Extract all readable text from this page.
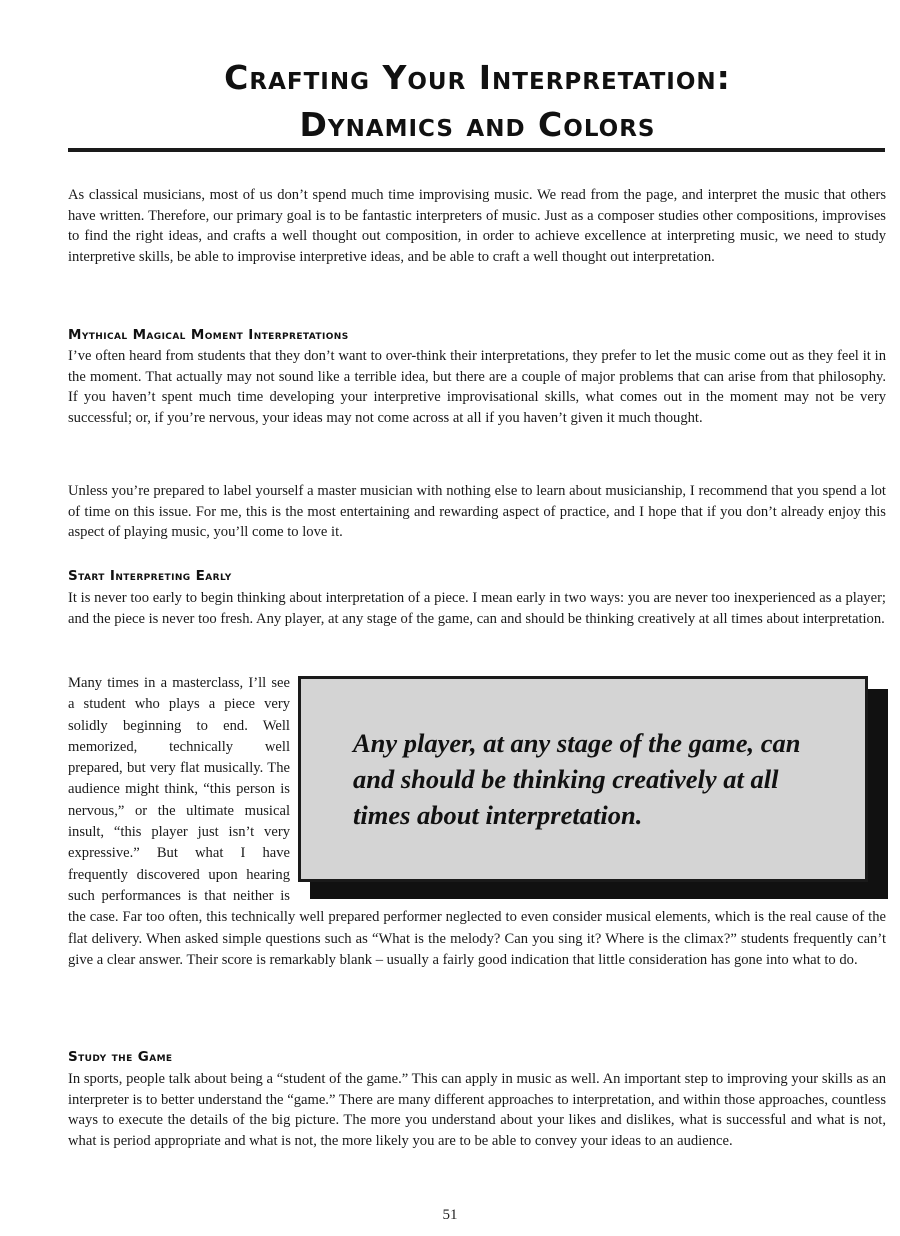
Crafting Your Interpretation:
Dynamics and Colors

As classical musicians, most of us don’t spend much time improvising music. We read from the page, and interpret the music that others have written. Therefore, our primary goal is to be fantastic interpreters of music. Just as a composer studies other compositions, improvises to find the right ideas, and crafts a well thought out composition, in order to achieve excellence at interpreting music, we need to study interpretive skills, be able to improvise interpretive ideas, and be able to craft a well thought out interpretation.

Mythical Magical Moment Interpretations

I’ve often heard from students that they don’t want to over-think their interpretations, they prefer to let the music come out as they feel it in the moment. That actually may not sound like a terrible idea, but there are a couple of major problems that can arise from that philosophy. If you haven’t spent much time developing your interpretive improvisational skills, what comes out in the moment may not be very successful; or, if you’re nervous, your ideas may not come across at all if you haven’t given it much thought.

Unless you’re prepared to label yourself a master musician with nothing else to learn about musicianship, I recommend that you spend a lot of time on this issue. For me, this is the most entertaining and rewarding aspect of practice, and I hope that if you don’t already enjoy this aspect of playing music, you’ll come to love it.

Start Interpreting Early

It is never too early to begin thinking about interpretation of a piece. I mean early in two ways: you are never too inexperienced as a player; and the piece is never too fresh. Any player, at any stage of the game, can and should be thinking creatively at all times about interpretation.

Many times in a masterclass, I’ll see a student who plays a piece very solidly beginning to end. Well memorized, technically well prepared, but very flat musically. The audience might think, “this person is nervous,” or the ultimate musical insult, “this player just isn’t very expressive.” But what I have frequently discovered upon hearing such performances is that neither is the case. Far too often, this technically well prepared performer neglected to even consider musical elements, which is the real cause of the flat delivery. When asked simple questions such as “What is the melody? Can you sing it? Where is the climax?” students frequently can’t give a clear answer. Their score is remarkably blank – usually a fairly good indication that little consideration has gone into what to do.

Any player, at any stage of the game, can and should be thinking creatively at all times about interpretation.
Study the Game

In sports, people talk about being a “student of the game.” This can apply in music as well. An important step to improving your skills as an interpreter is to better understand the “game.” There are many different approaches to interpretation, and within those approaches, countless ways to execute the details of the big picture. The more you understand about your likes and dislikes, what is successful and what is not, what is period appropriate and what is not, the more likely you are to be able to convey your ideas to an audience.

51
